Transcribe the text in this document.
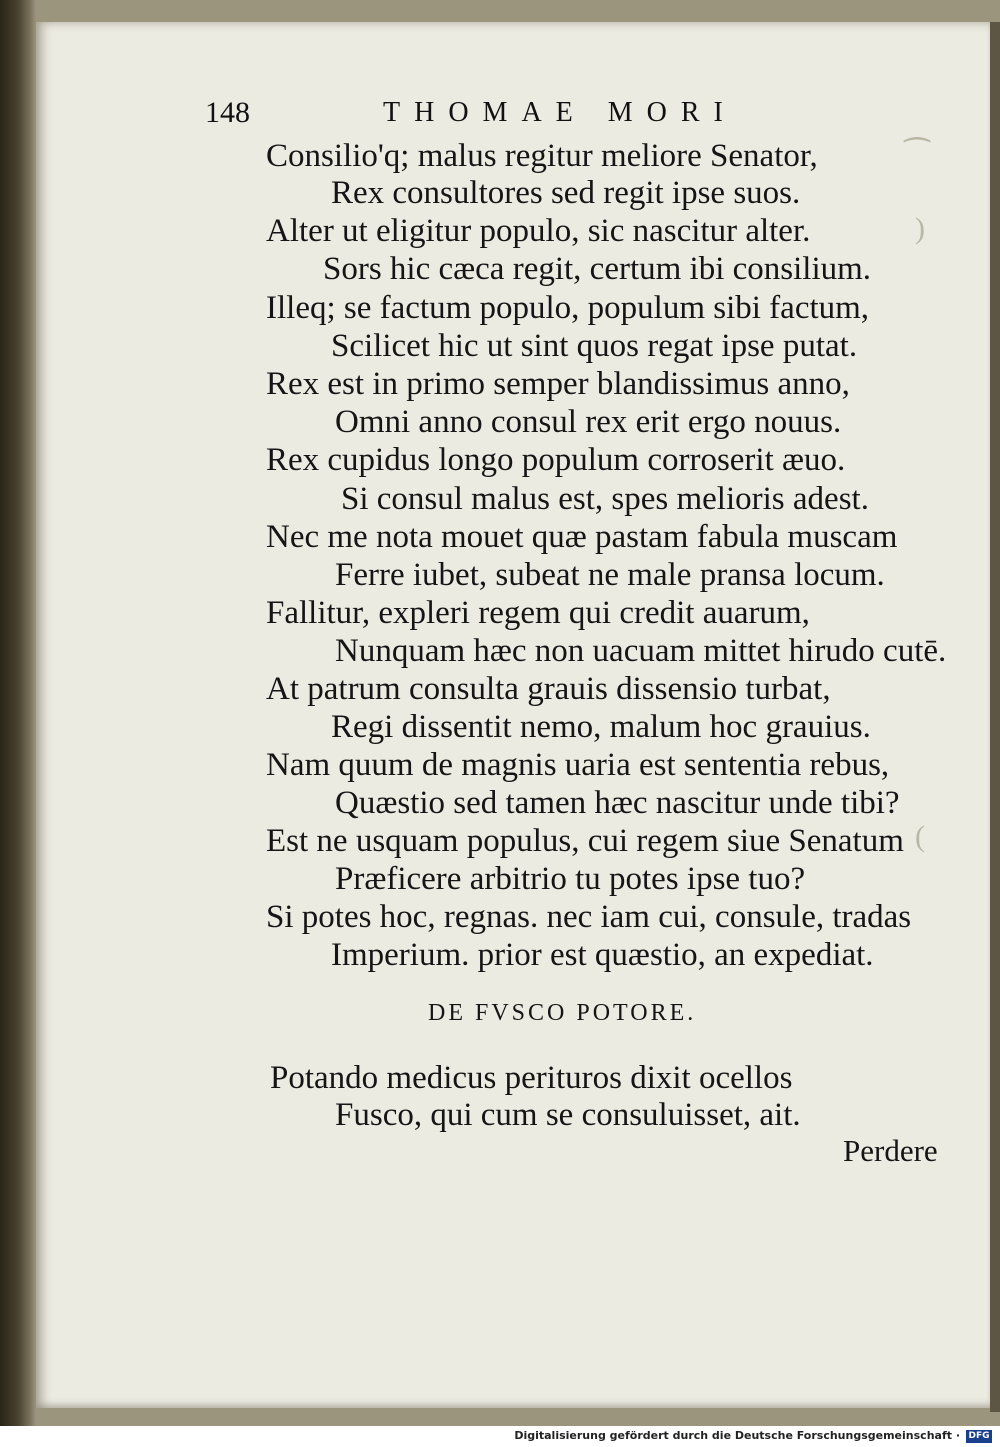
⁀
)
(
148	THOMAE MORI
Consilio'q; malus regitur meliore Senator,
Rex consultores sed regit ipse suos.
Alter ut eligitur populo, sic nascitur alter.
Sors hic cæca regit, certum ibi consilium.
Illeq; se factum populo, populum sibi factum,
Scilicet hic ut sint quos regat ipse putat.
Rex est in primo semper blandissimus anno,
Omni anno consul rex erit ergo nouus.
Rex cupidus longo populum corroserit æuo.
Si consul malus est, spes melioris adest.
Nec me nota mouet quæ pastam fabula muscam
Ferre iubet, subeat ne male pransa locum.
Fallitur, expleri regem qui credit auarum,
Nunquam hæc non uacuam mittet hirudo cutē.
At patrum consulta grauis dissensio turbat,
Regi dissentit nemo, malum hoc grauius.
Nam quum de magnis uaria est sententia rebus,
Quæstio sed tamen hæc nascitur unde tibi?
Est ne usquam populus, cui regem siue Senatum
Præficere arbitrio tu potes ipse tuo?
Si potes hoc, regnas. nec iam cui, consule, tradas
Imperium. prior est quæstio, an expediat.
DE FVSCO POTORE.
Potando medicus perituros dixit ocellos
Fusco, qui cum se consuluisset, ait.
Perdere
Digitalisierung gefördert durch die Deutsche Forschungsgemeinschaft · DFG
